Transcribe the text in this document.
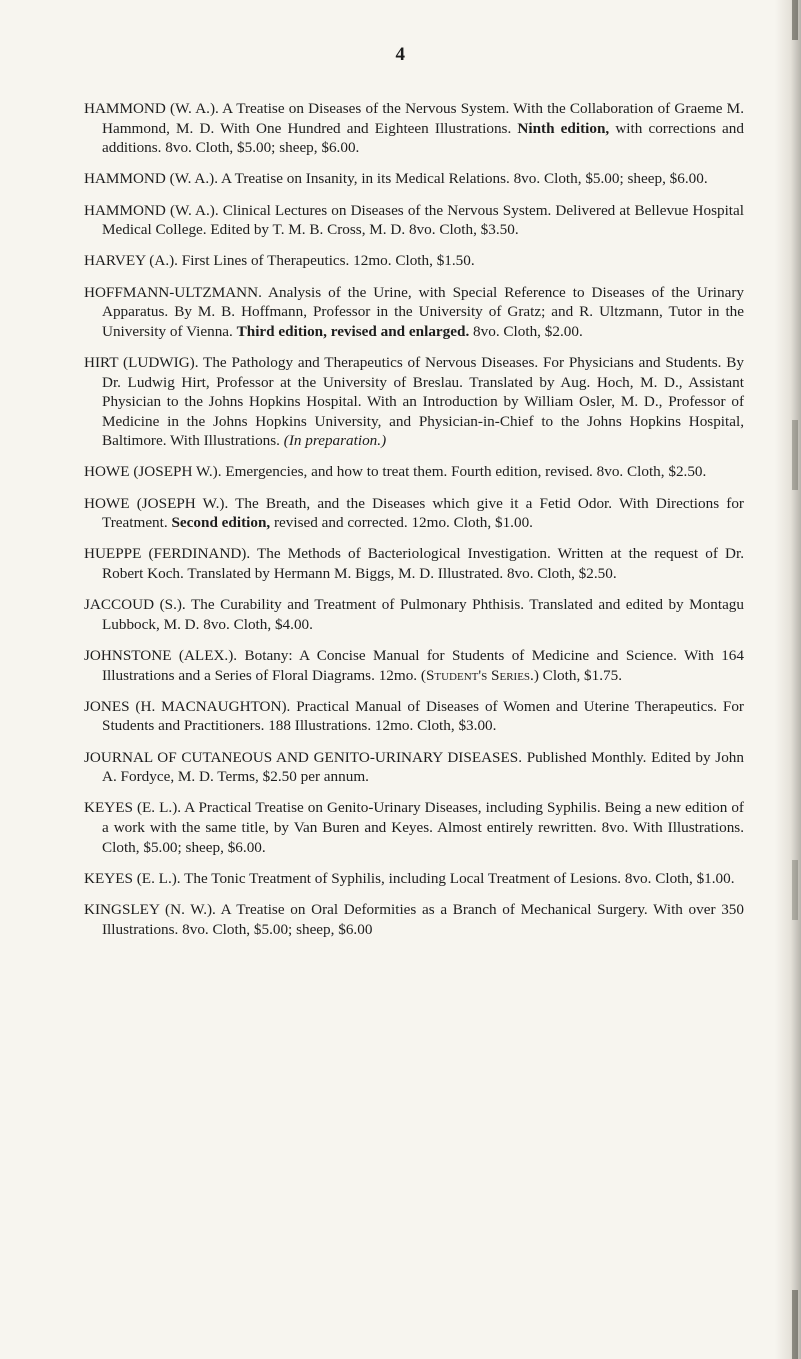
4
HAMMOND (W. A.). A Treatise on Diseases of the Nervous System. With the Collaboration of Graeme M. Hammond, M. D. With One Hundred and Eighteen Illustrations. Ninth edition, with corrections and additions. 8vo. Cloth, $5.00; sheep, $6.00.
HAMMOND (W. A.). A Treatise on Insanity, in its Medical Relations. 8vo. Cloth, $5.00; sheep, $6.00.
HAMMOND (W. A.). Clinical Lectures on Diseases of the Nervous System. Delivered at Bellevue Hospital Medical College. Edited by T. M. B. Cross, M. D. 8vo. Cloth, $3.50.
HARVEY (A.). First Lines of Therapeutics. 12mo. Cloth, $1.50.
HOFFMANN-ULTZMANN. Analysis of the Urine, with Special Reference to Diseases of the Urinary Apparatus. By M. B. Hoffmann, Professor in the University of Gratz; and R. Ultzmann, Tutor in the University of Vienna. Third edition, revised and enlarged. 8vo. Cloth, $2.00.
HIRT (LUDWIG). The Pathology and Therapeutics of Nervous Diseases. For Physicians and Students. By Dr. Ludwig Hirt, Professor at the University of Breslau. Translated by Aug. Hoch, M. D., Assistant Physician to the Johns Hopkins Hospital. With an Introduction by William Osler, M. D., Professor of Medicine in the Johns Hopkins University, and Physician-in-Chief to the Johns Hopkins Hospital, Baltimore. With Illustrations. (In preparation.)
HOWE (JOSEPH W.). Emergencies, and how to treat them. Fourth edition, revised. 8vo. Cloth, $2.50.
HOWE (JOSEPH W.). The Breath, and the Diseases which give it a Fetid Odor. With Directions for Treatment. Second edition, revised and corrected. 12mo. Cloth, $1.00.
HUEPPE (FERDINAND). The Methods of Bacteriological Investigation. Written at the request of Dr. Robert Koch. Translated by Hermann M. Biggs, M. D. Illustrated. 8vo. Cloth, $2.50.
JACCOUD (S.). The Curability and Treatment of Pulmonary Phthisis. Translated and edited by Montagu Lubbock, M. D. 8vo. Cloth, $4.00.
JOHNSTONE (ALEX.). Botany: A Concise Manual for Students of Medicine and Science. With 164 Illustrations and a Series of Floral Diagrams. 12mo. (Student's Series.) Cloth, $1.75.
JONES (H. MACNAUGHTON). Practical Manual of Diseases of Women and Uterine Therapeutics. For Students and Practitioners. 188 Illustrations. 12mo. Cloth, $3.00.
JOURNAL OF CUTANEOUS AND GENITO-URINARY DISEASES. Published Monthly. Edited by John A. Fordyce, M. D. Terms, $2.50 per annum.
KEYES (E. L.). A Practical Treatise on Genito-Urinary Diseases, including Syphilis. Being a new edition of a work with the same title, by Van Buren and Keyes. Almost entirely rewritten. 8vo. With Illustrations. Cloth, $5.00; sheep, $6.00.
KEYES (E. L.). The Tonic Treatment of Syphilis, including Local Treatment of Lesions. 8vo. Cloth, $1.00.
KINGSLEY (N. W.). A Treatise on Oral Deformities as a Branch of Mechanical Surgery. With over 350 Illustrations. 8vo. Cloth, $5.00; sheep, $6.00
